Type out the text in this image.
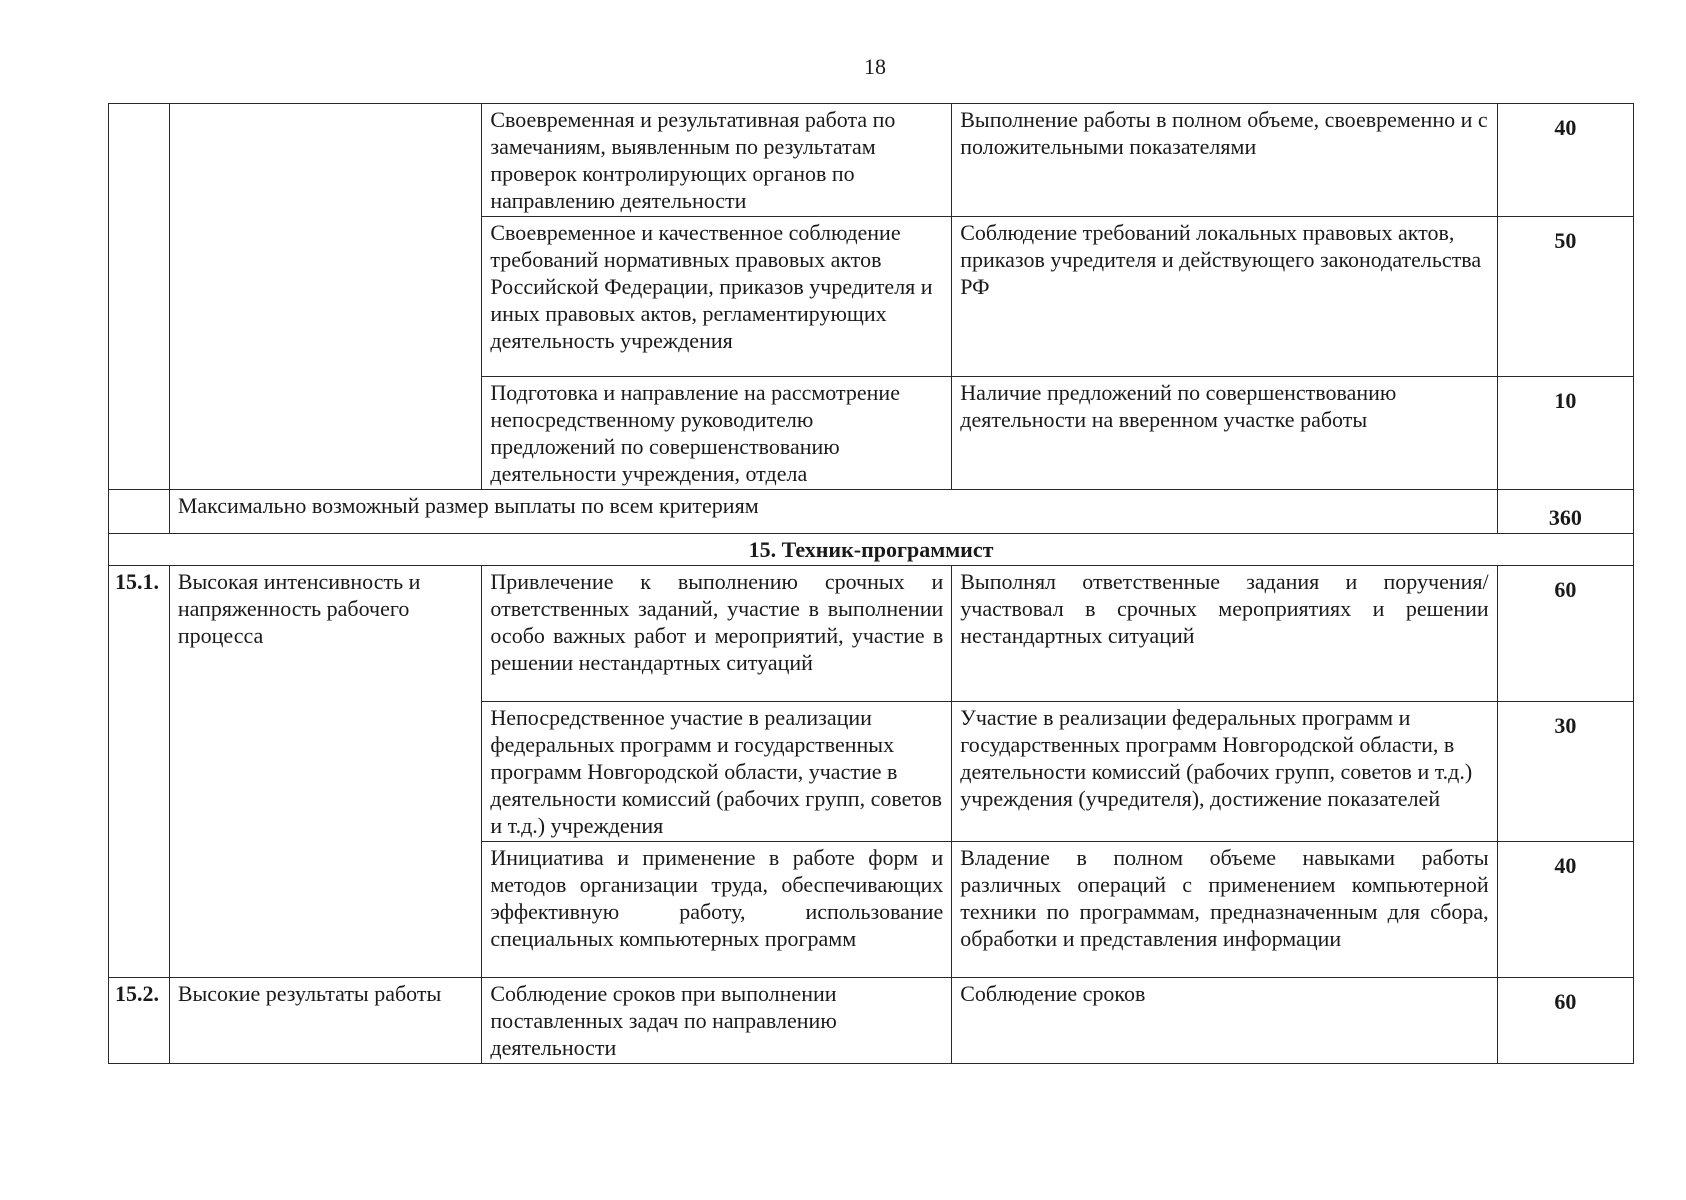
18
		Своевременная и результативная работа по замечаниям, выявленным по результатам проверок контролирующих органов по направлению деятельности	Выполнение работы в полном объеме, своевременно и с положительными показателями	40
		Своевременное и качественное соблюдение требований нормативных правовых актов Российской Федерации, приказов учредителя и иных правовых актов, регламентирующих деятельность учреждения	Соблюдение требований локальных правовых актов, приказов учредителя и действующего законодательства РФ	50
		Подготовка и направление на рассмотрение непосредственному руководителю предложений по совершенствованию деятельности учреждения, отдела	Наличие предложений по совершенствованию деятельности на вверенном участке работы	10
	Максимально возможный размер выплаты по всем критериям			360
15. Техник-программист				
15.1.	Высокая интенсивность и напряженность рабочего процесса	Привлечение к выполнению срочных и ответственных заданий, участие в выполнении особо важных работ и мероприятий, участие в решении нестандартных ситуаций	Выполнял ответственные задания и поручения/участвовал в срочных мероприятиях и решении нестандартных ситуаций	60
		Непосредственное участие в реализации федеральных программ и государственных программ Новгородской области, участие в деятельности комиссий (рабочих групп, советов и т.д.) учреждения	Участие в реализации федеральных программ и государственных программ Новгородской области, в деятельности комиссий (рабочих групп, советов и т.д.) учреждения (учредителя), достижение показателей	30
		Инициатива и применение в работе форм и методов организации труда, обеспечивающих эффективную работу, использование специальных компьютерных программ	Владение в полном объеме навыками работы различных операций с применением компьютерной техники по программам, предназначенным для сбора, обработки и представления информации	40
15.2.	Высокие результаты работы	Соблюдение сроков при выполнении поставленных задач по направлению деятельности	Соблюдение сроков	60
